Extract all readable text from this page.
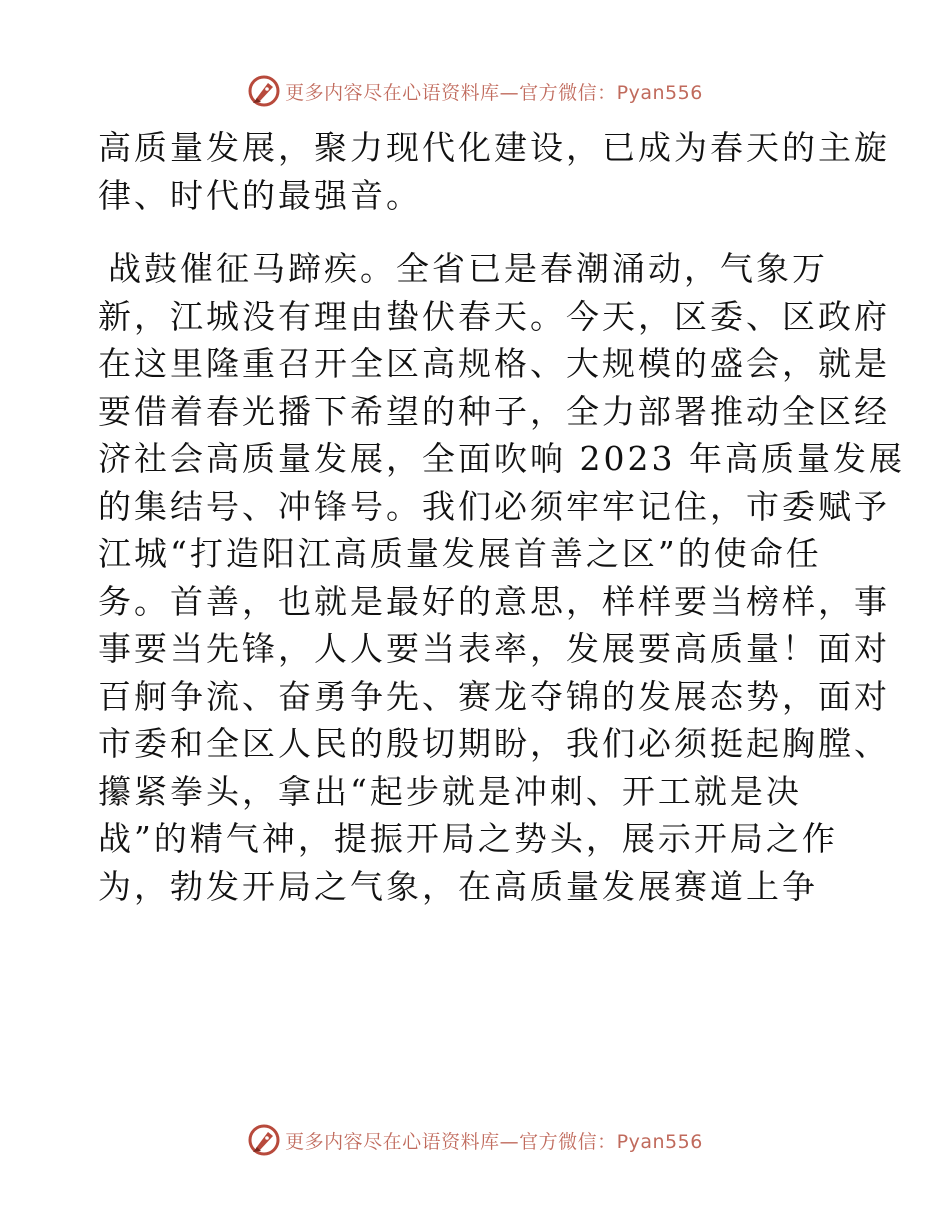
更多内容尽在心语资料库—官方微信：Pyan556
高质量发展，聚力现代化建设，已成为春天的主旋
律、时代的最强音。
战鼓催征马蹄疾。全省已是春潮涌动，气象万
新，江城没有理由蛰伏春天。今天，区委、区政府
在这里隆重召开全区高规格、大规模的盛会，就是
要借着春光播下希望的种子，全力部署推动全区经
济社会高质量发展，全面吹响 2023 年高质量发展
的集结号、冲锋号。我们必须牢牢记住，市委赋予
江城“打造阳江高质量发展首善之区”的使命任
务。首善，也就是最好的意思，样样要当榜样，事
事要当先锋，人人要当表率，发展要高质量！面对
百舸争流、奋勇争先、赛龙夺锦的发展态势，面对
市委和全区人民的殷切期盼，我们必须挺起胸膛、
攥紧拳头，拿出“起步就是冲刺、开工就是决
战”的精气神，提振开局之势头，展示开局之作
为，勃发开局之气象，在高质量发展赛道上争
更多内容尽在心语资料库—官方微信：Pyan556
